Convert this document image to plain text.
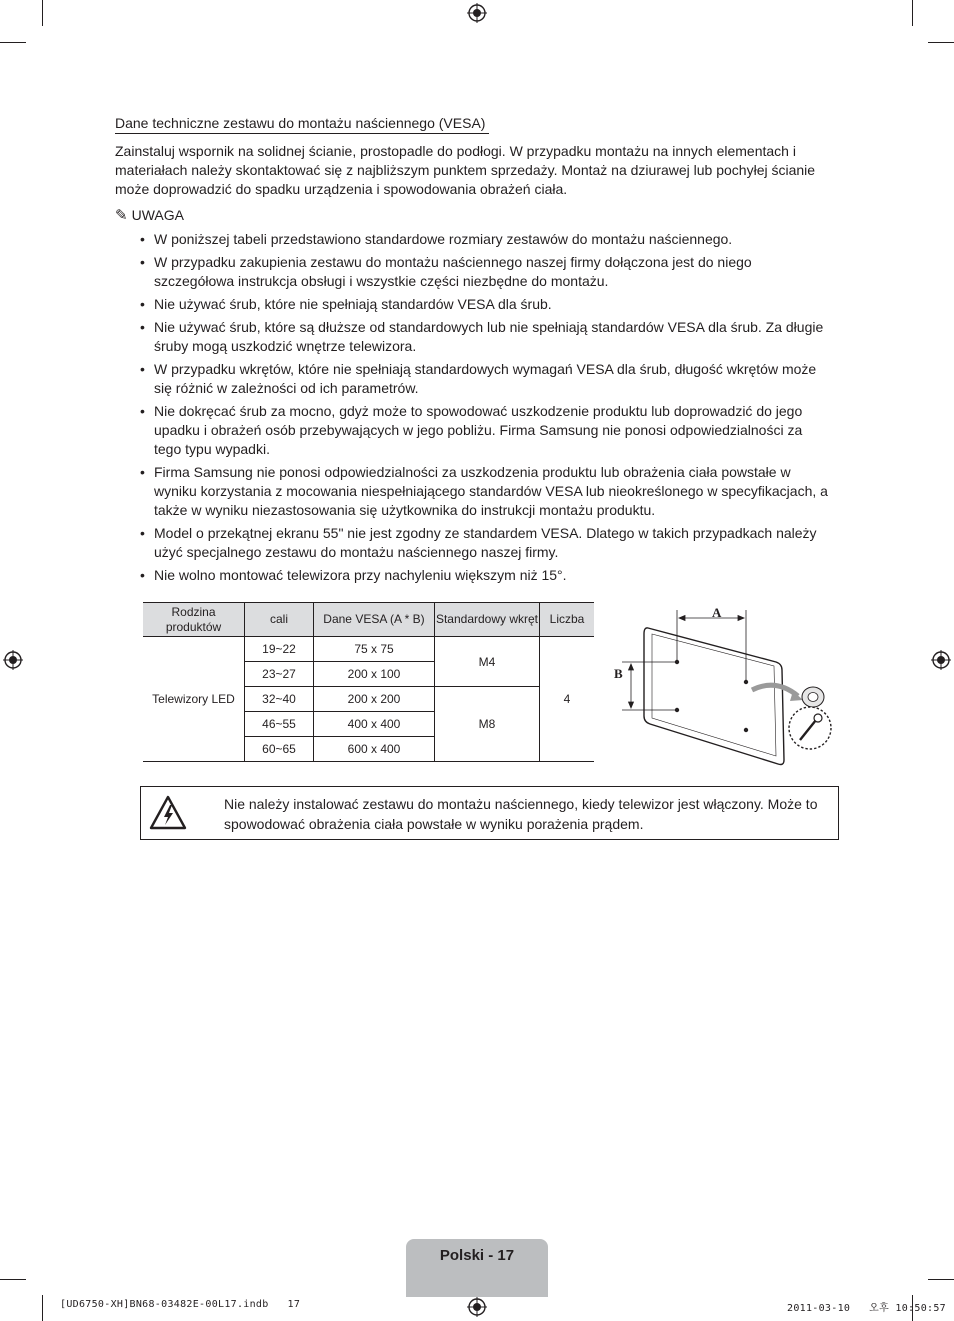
Dane techniczne zestawu do montażu naściennego (VESA)

Zainstaluj wspornik na solidnej ścianie, prostopadle do podłogi. W przypadku montażu na innych elementach i materiałach należy skontaktować się z najbliższym punktem sprzedaży. Montaż na dziurawej lub pochyłej ścianie może doprowadzić do spadku urządzenia i spowodowania obrażeń ciała.

✎ UWAGA
• W poniższej tabeli przedstawiono standardowe rozmiary zestawów do montażu naściennego.
• W przypadku zakupienia zestawu do montażu naściennego naszej firmy dołączona jest do niego szczegółowa instrukcja obsługi i wszystkie części niezbędne do montażu.
• Nie używać śrub, które nie spełniają standardów VESA dla śrub.
• Nie używać śrub, które są dłuższe od standardowych lub nie spełniają standardów VESA dla śrub. Za długie śruby mogą uszkodzić wnętrze telewizora.
• W przypadku wkrętów, które nie spełniają standardowych wymagań VESA dla śrub, długość wkrętów może się różnić w zależności od ich parametrów.
• Nie dokręcać śrub za mocno, gdyż może to spowodować uszkodzenie produktu lub doprowadzić do jego upadku i obrażeń osób przebywających w jego pobliżu. Firma Samsung nie ponosi odpowiedzialności za tego typu wypadki.
• Firma Samsung nie ponosi odpowiedzialności za uszkodzenia produktu lub obrażenia ciała powstałe w wyniku korzystania z mocowania niespełniającego standardów VESA lub nieokreślonego w specyfikacjach, a także w wyniku niezastosowania się użytkownika do instrukcji montażu produktu.
• Model o przekątnej ekranu 55" nie jest zgodny ze standardem VESA. Dlatego w takich przypadkach należy użyć specjalnego zestawu do montażu naściennego naszej firmy.
• Nie wolno montować telewizora przy nachyleniu większym niż 15°.
Rodzina produktów	cali	Dane VESA (A * B)	Standardowy wkręt	Liczba
Telewizory LED	19~22	75 x 75	M4	4
	23~27	200 x 100		
	32~40	200 x 200	M8	
	46~55	400 x 400		
	60~65	600 x 400		
A
B
Nie należy instalować zestawu do montażu naściennego, kiedy telewizor jest włączony. Może to spowodować obrażenia ciała powstałe w wyniku porażenia prądem.
Polski - 17
[UD6750-XH]BN68-03482E-00L17.indb   17	2011-03-10   오후 10:50:57
